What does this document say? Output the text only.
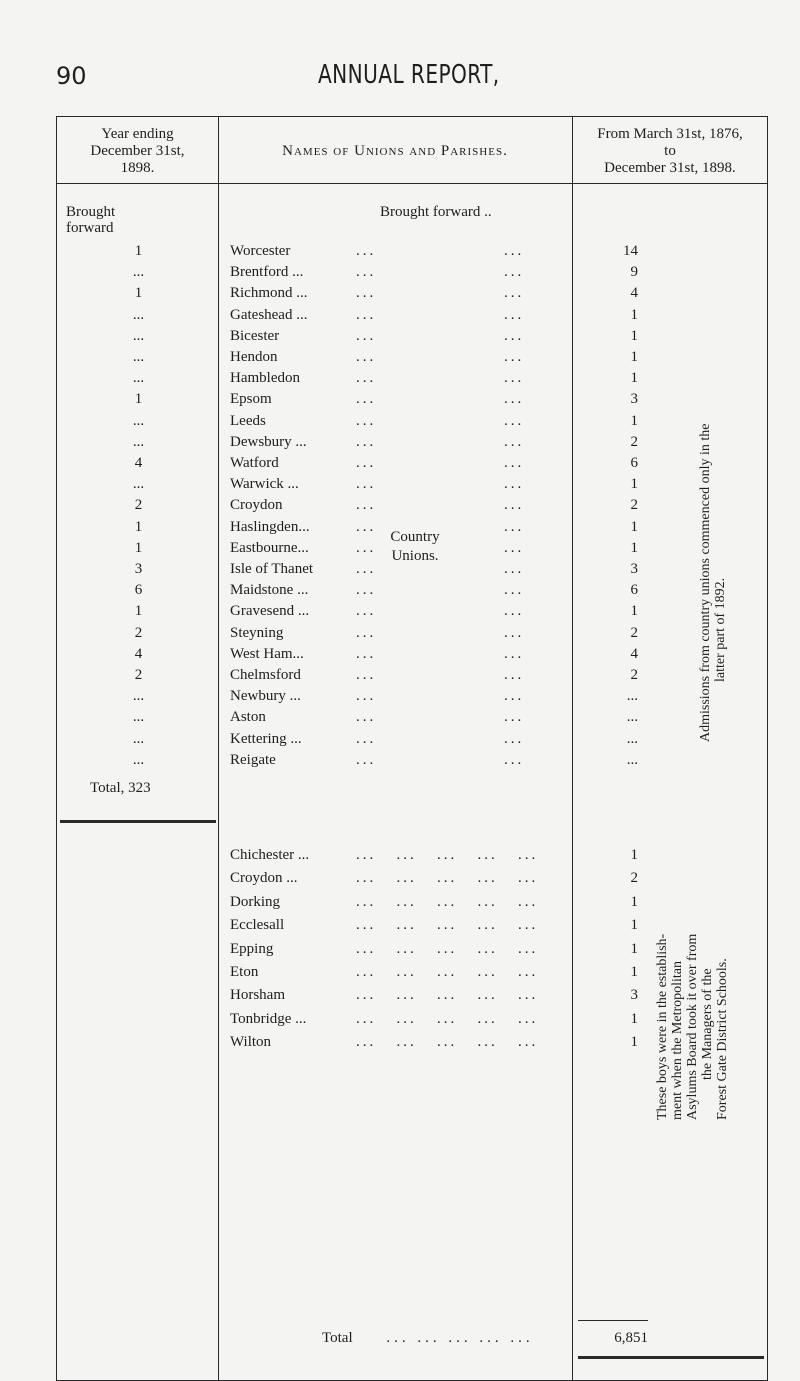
90	ANNUAL REPORT,
Year ending
December 31st,
1898.
Names of Unions and Parishes.
From March 31st, 1876,
to
December 31st, 1898.
Brought
forward
Brought forward ..
1	Worcester	...	...	14
...	Brentford ...	...	...	9
1	Richmond ...	...	...	4
...	Gateshead ...	...	...	1
...	Bicester	...	...	1
...	Hendon	...	...	1
...	Hambledon	...	...	1
1	Epsom	...	...	3
...	Leeds	...	...	1
...	Dewsbury ...	...	...	2
4	Watford	...	...	6
...	Warwick ...	...	...	1
2	Croydon	...	...	2
1	Haslingden...	...	...	1
1	Eastbourne...	...	...	1
3	Isle of Thanet	...	...	3
6	Maidstone ...	...	...	6
1	Gravesend ...	...	...	1
2	Steyning	...	...	2
4	West Ham...	...	...	4
2	Chelmsford	...	...	2
...	Newbury ...	...	...	...
...	Aston	...	...	...
...	Kettering ...	...	...	...
...	Reigate	...	...	...
Country
Unions.	Admissions from country unions commenced only in the latter part of 1892.
Total, 323
Chichester ...	...   ...   ...   ...   ...	1
Croydon ...	...   ...   ...   ...   ...	2
Dorking	...   ...   ...   ...   ...	1
Ecclesall	...   ...   ...   ...   ...	1
Epping	...   ...   ...   ...   ...	1
Eton	...   ...   ...   ...   ...	1
Horsham	...   ...   ...   ...   ...	3
Tonbridge ...	...   ...   ...   ...   ...	1
Wilton	...   ...   ...   ...   ...	1 These boys were in the establish- ment when the Metropolitan Asylums Board took it over from the Managers of the Forest Gate District Schools.
Total ... ... ... ... ...	6,851
